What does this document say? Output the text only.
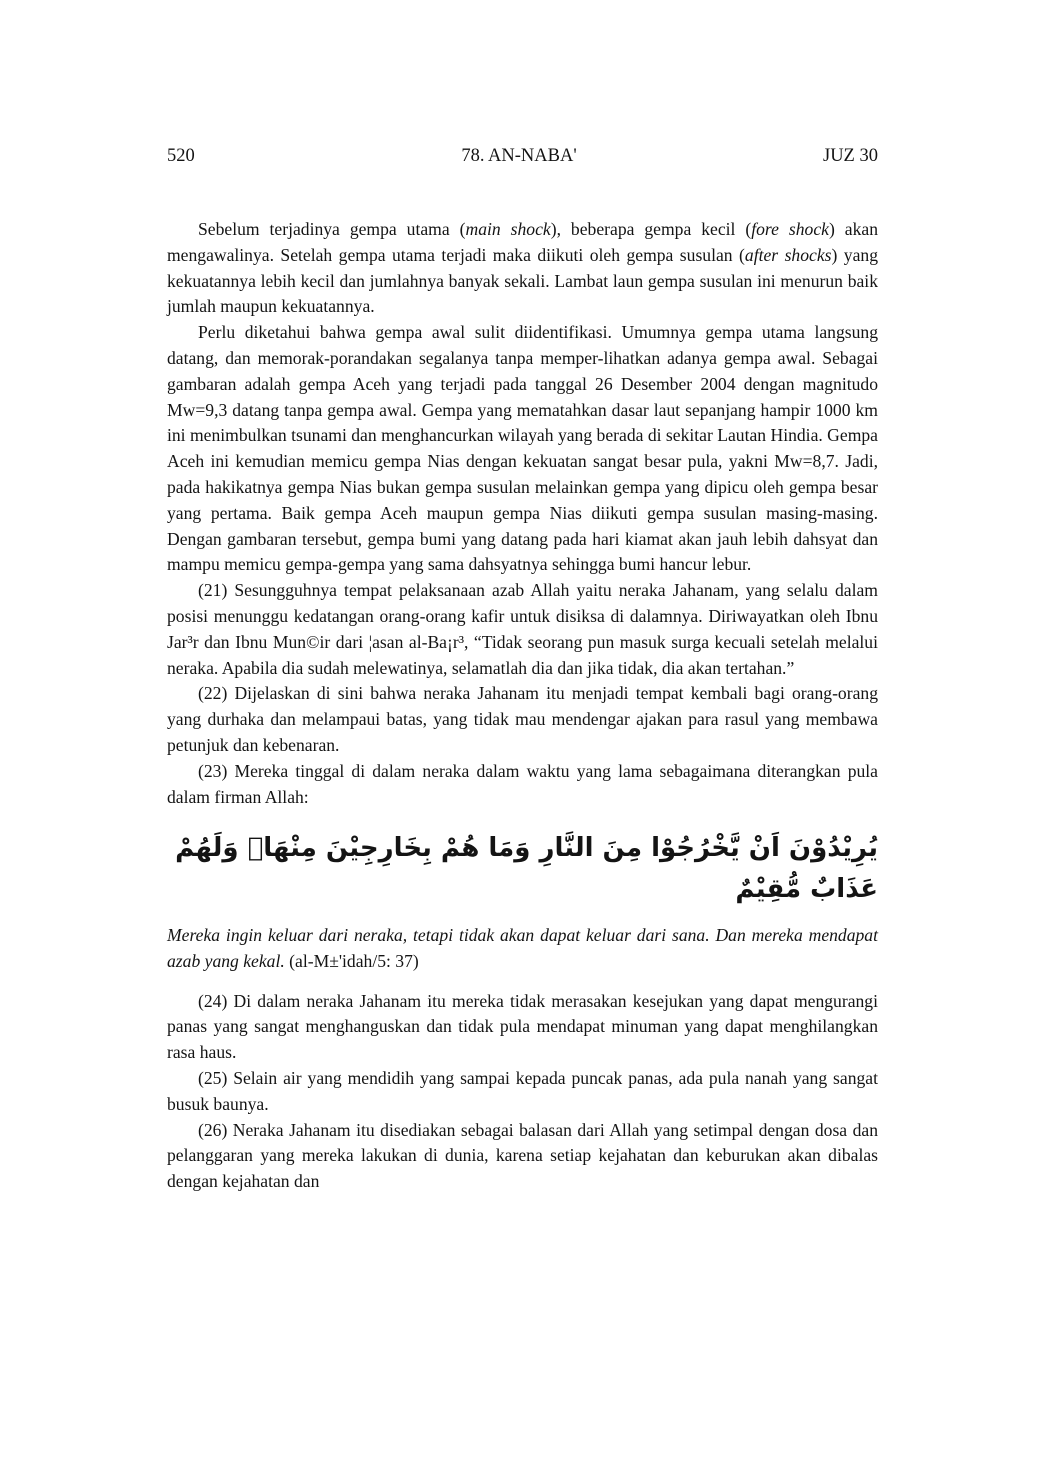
520	78. AN-NABA'	JUZ 30

Sebelum terjadinya gempa utama (main shock), beberapa gempa kecil (fore shock) akan mengawalinya. Setelah gempa utama terjadi maka diikuti oleh gempa susulan (after shocks) yang kekuatannya lebih kecil dan jumlahnya banyak sekali. Lambat laun gempa susulan ini menurun baik jumlah maupun kekuatannya.

Perlu diketahui bahwa gempa awal sulit diidentifikasi. Umumnya gempa utama langsung datang, dan memorak-porandakan segalanya tanpa memper-lihatkan adanya gempa awal. Sebagai gambaran adalah gempa Aceh yang terjadi pada tanggal 26 Desember 2004 dengan magnitudo Mw=9,3 datang tanpa gempa awal. Gempa yang mematahkan dasar laut sepanjang hampir 1000 km ini menimbulkan tsunami dan menghancurkan wilayah yang berada di sekitar Lautan Hindia. Gempa Aceh ini kemudian memicu gempa Nias dengan kekuatan sangat besar pula, yakni Mw=8,7. Jadi, pada hakikatnya gempa Nias bukan gempa susulan melainkan gempa yang dipicu oleh gempa besar yang pertama. Baik gempa Aceh maupun gempa Nias diikuti gempa susulan masing-masing. Dengan gambaran tersebut, gempa bumi yang datang pada hari kiamat akan jauh lebih dahsyat dan mampu memicu gempa-gempa yang sama dahsyatnya sehingga bumi hancur lebur.

(21) Sesungguhnya tempat pelaksanaan azab Allah yaitu neraka Jahanam, yang selalu dalam posisi menunggu kedatangan orang-orang kafir untuk disiksa di dalamnya. Diriwayatkan oleh Ibnu Jar³r dan Ibnu Mun©ir dari ¦asan al-Ba¡r³, “Tidak seorang pun masuk surga kecuali setelah melalui neraka. Apabila dia sudah melewatinya, selamatlah dia dan jika tidak, dia akan tertahan.”

(22) Dijelaskan di sini bahwa neraka Jahanam itu menjadi tempat kembali bagi orang-orang yang durhaka dan melampaui batas, yang tidak mau mendengar ajakan para rasul yang membawa petunjuk dan kebenaran.

(23) Mereka tinggal di dalam neraka dalam waktu yang lama sebagaimana diterangkan pula dalam firman Allah:

يُرِيْدُوْنَ اَنْ يَّخْرُجُوْا مِنَ النَّارِ وَمَا هُمْ بِخَارِجِيْنَ مِنْهَاۖ وَلَهُمْ عَذَابٌ مُّقِيْمٌ

Mereka ingin keluar dari neraka, tetapi tidak akan dapat keluar dari sana. Dan mereka mendapat azab yang kekal. (al-M±'idah/5: 37)

(24) Di dalam neraka Jahanam itu mereka tidak merasakan kesejukan yang dapat mengurangi panas yang sangat menghanguskan dan tidak pula mendapat minuman yang dapat menghilangkan rasa haus.

(25) Selain air yang mendidih yang sampai kepada puncak panas, ada pula nanah yang sangat busuk baunya.

(26) Neraka Jahanam itu disediakan sebagai balasan dari Allah yang setimpal dengan dosa dan pelanggaran yang mereka lakukan di dunia, karena setiap kejahatan dan keburukan akan dibalas dengan kejahatan dan
